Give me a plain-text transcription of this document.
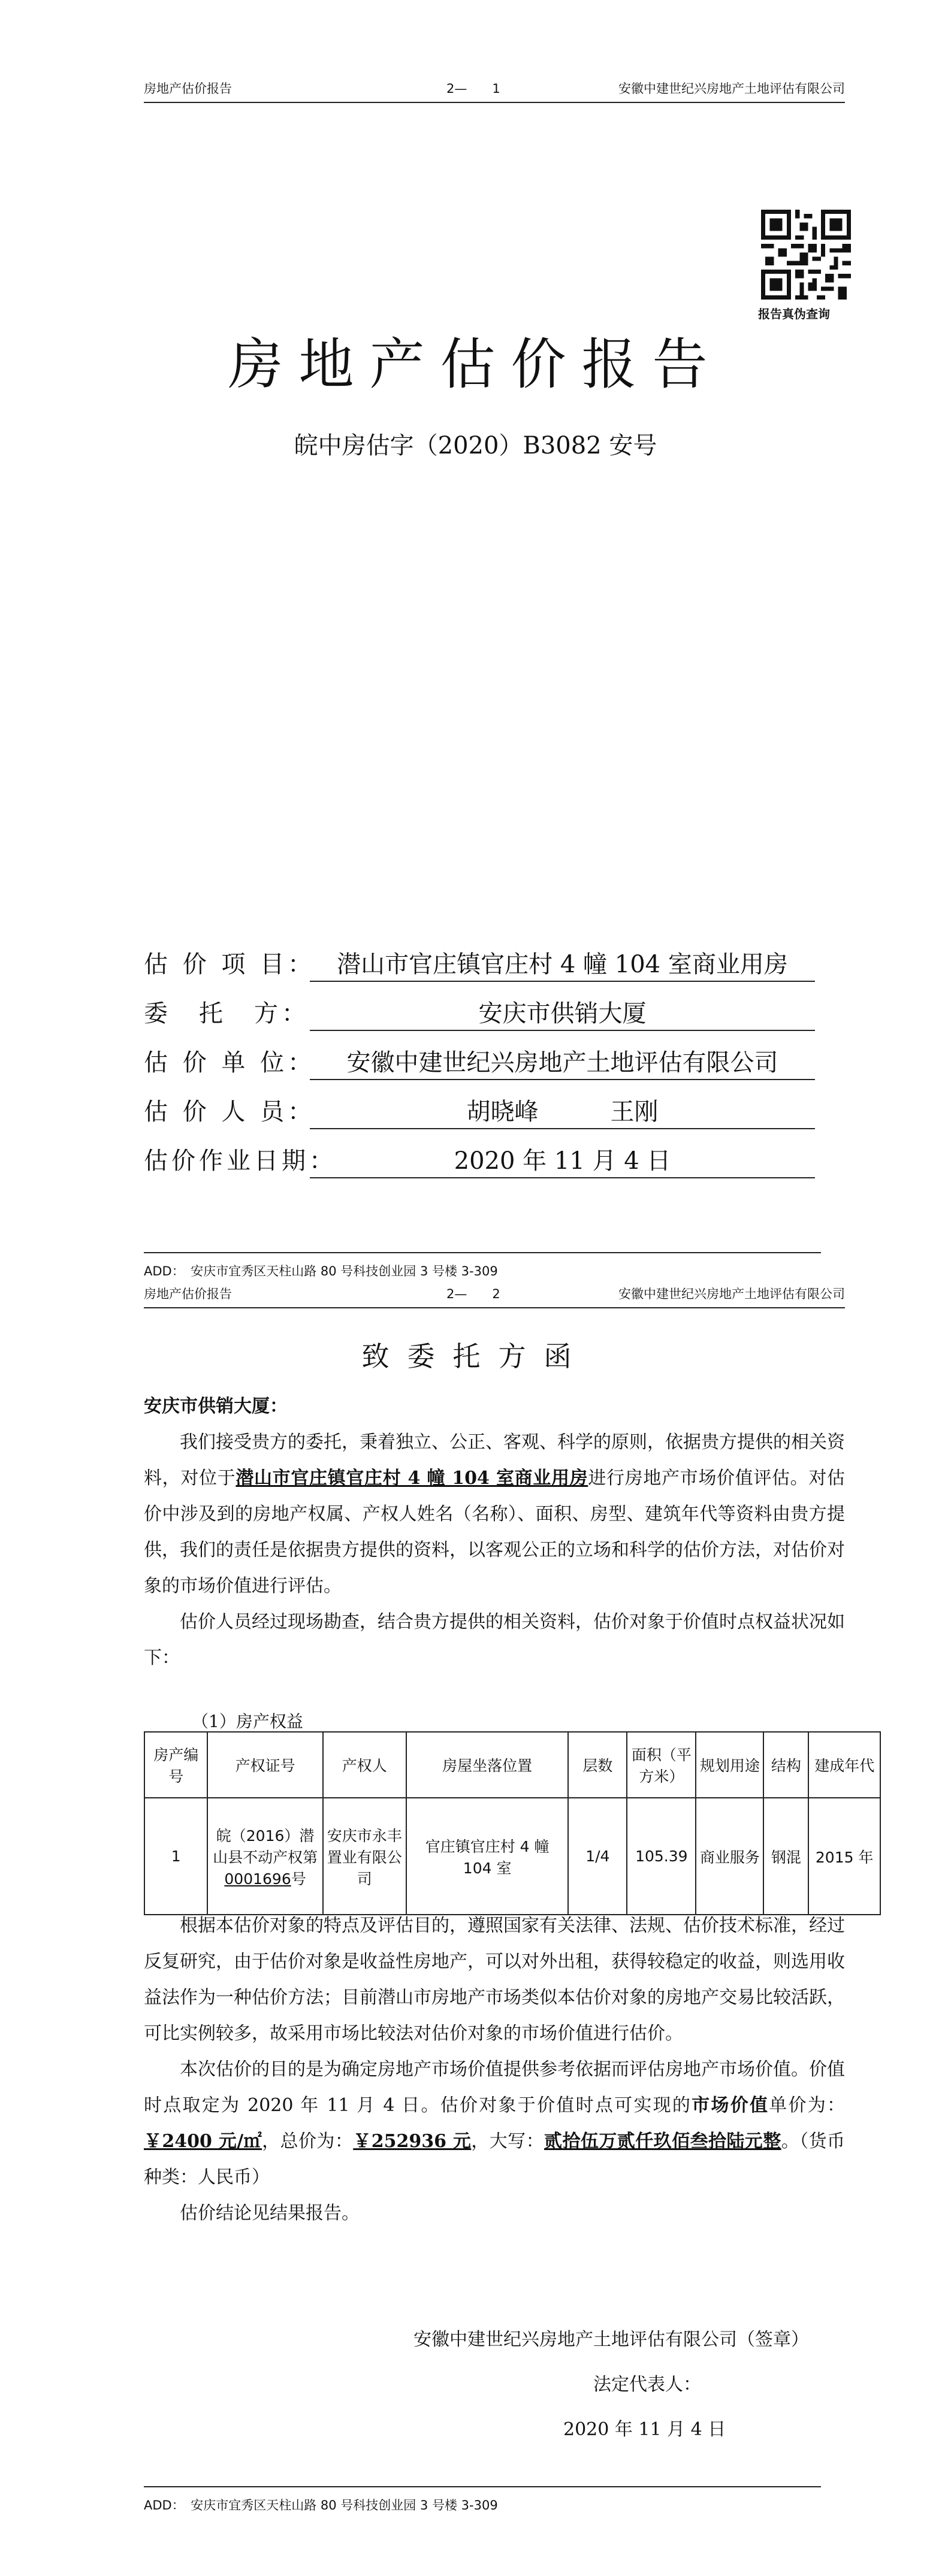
房地产估价报告	2—　　1	安徽中建世纪兴房地产土地评估有限公司
报告真伪查询
房地产估价报告
皖中房估字（2020）B3082 安号
估 价 项 目： 潜山市官庄镇官庄村 4 幢 104 室商业用房
委　托　方：	安庆市供销大厦
估 价 单 位：	安徽中建世纪兴房地产土地评估有限公司
估 价 人 员：	胡晓峰　　　王刚
估价作业日期：	2020 年 11 月 4 日
ADD：　安庆市宜秀区天柱山路 80 号科技创业园 3 号楼 3-309
房地产估价报告	2—　　2	安徽中建世纪兴房地产土地评估有限公司
致委托方函
安庆市供销大厦：

我们接受贵方的委托，秉着独立、公正、客观、科学的原则，依据贵方提供的相关资料，对位于潜山市官庄镇官庄村 4 幢 104 室商业用房进行房地产市场价值评估。对估价中涉及到的房地产权属、产权人姓名（名称）、面积、房型、建筑年代等资料由贵方提供，我们的责任是依据贵方提供的资料，以客观公正的立场和科学的估价方法，对估价对象的市场价值进行评估。

估价人员经过现场勘查，结合贵方提供的相关资料，估价对象于价值时点权益状况如下：

（1）房产权益
房产编号	产权证号	产权人	房屋坐落位置	层数	面积（平方米）	规划用途	结构	建成年代
1	皖（2016）潜山县不动产权第0001696号	安庆市永丰置业有限公司	官庄镇官庄村 4 幢 104 室	1/4	105.39	商业服务	钢混	2015 年

根据本估价对象的特点及评估目的，遵照国家有关法律、法规、估价技术标准，经过反复研究，由于估价对象是收益性房地产，可以对外出租，获得较稳定的收益，则选用收益法作为一种估价方法；目前潜山市房地产市场类似本估价对象的房地产交易比较活跃，可比实例较多，故采用市场比较法对估价对象的市场价值进行估价。

本次估价的目的是为确定房地产市场价值提供参考依据而评估房地产市场价值。价值时点取定为 2020 年 11 月 4 日。估价对象于价值时点可实现的市场价值单价为：￥2400 元/㎡，总价为：￥252936 元，大写：贰拾伍万贰仟玖佰叁拾陆元整。（货币种类：人民币）

估价结论见结果报告。

安徽中建世纪兴房地产土地评估有限公司（签章）
法定代表人：
2020 年 11 月 4 日
ADD：　安庆市宜秀区天柱山路 80 号科技创业园 3 号楼 3-309
